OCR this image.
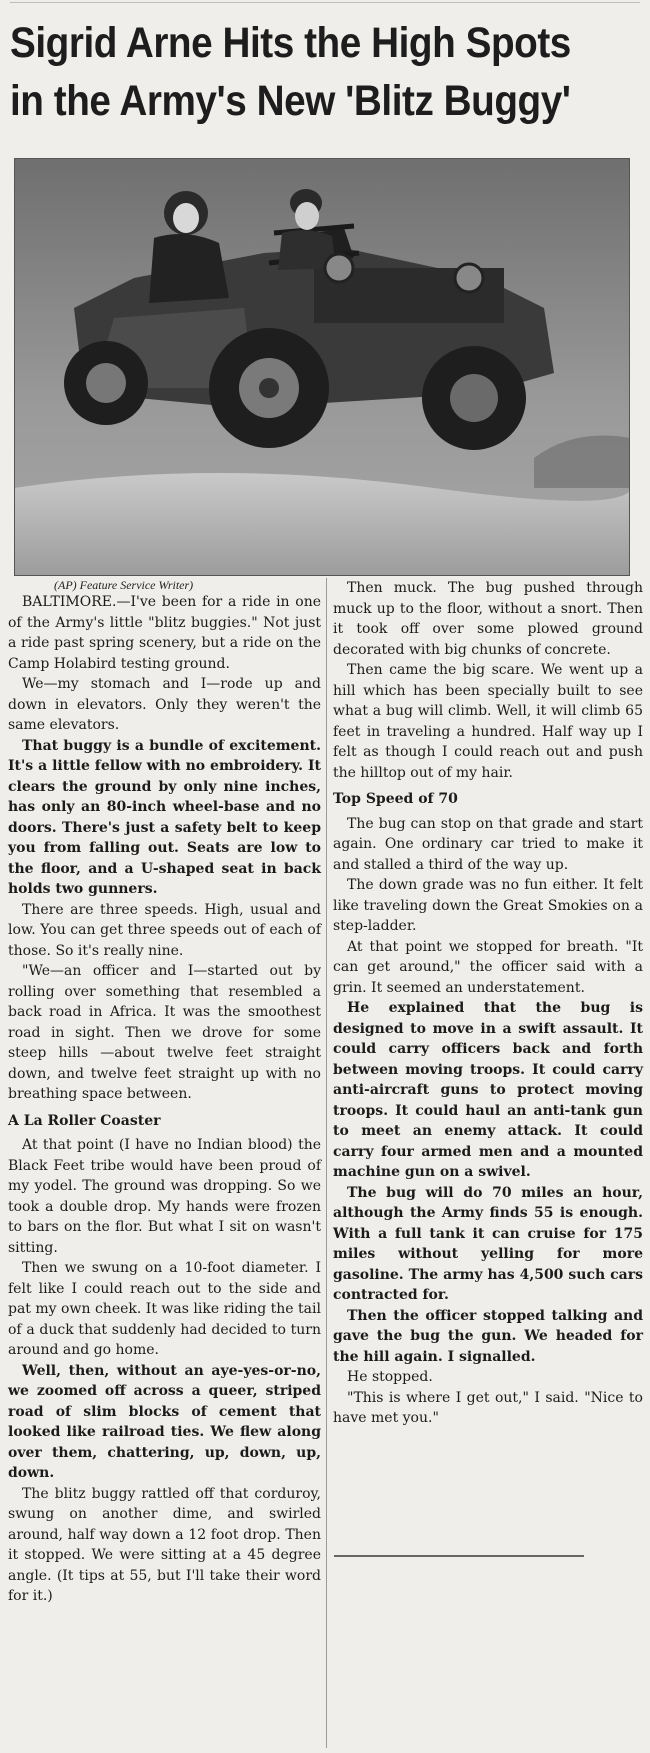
Sigrid Arne Hits the High Spots
in the Army's New 'Blitz Buggy'
(AP) Feature Service Writer)

BALTIMORE.—I've been for a ride in one of the Army's little "blitz buggies." Not just a ride past spring scenery, but a ride on the Camp Holabird testing ground.

We—my stomach and I—rode up and down in elevators. Only they weren't the same elevators.

That buggy is a bundle of excitement. It's a little fellow with no embroidery. It clears the ground by only nine inches, has only an 80-inch wheel-base and no doors. There's just a safety belt to keep you from falling out. Seats are low to the floor, and a U-shaped seat in back holds two gunners.

There are three speeds. High, usual and low. You can get three speeds out of each of those. So it's really nine.

"We—an officer and I—started out by rolling over something that resembled a back road in Africa. It was the smoothest road in sight. Then we drove for some steep hills —about twelve feet straight down, and twelve feet straight up with no breathing space between.

A La Roller Coaster

At that point (I have no Indian blood) the Black Feet tribe would have been proud of my yodel. The ground was dropping. So we took a double drop. My hands were frozen to bars on the flor. But what I sit on wasn't sitting.

Then we swung on a 10-foot diameter. I felt like I could reach out to the side and pat my own cheek. It was like riding the tail of a duck that suddenly had decided to turn around and go home.

Well, then, without an aye-yes-or-no, we zoomed off across a queer, striped road of slim blocks of cement that looked like railroad ties. We flew along over them, chattering, up, down, up, down.

The blitz buggy rattled off that corduroy, swung on another dime, and swirled around, half way down a 12 foot drop. Then it stopped. We were sitting at a 45 degree angle. (It tips at 55, but I'll take their word for it.)

Then muck. The bug pushed through muck up to the floor, without a snort. Then it took off over some plowed ground decorated with big chunks of concrete.

Then came the big scare. We went up a hill which has been specially built to see what a bug will climb. Well, it will climb 65 feet in traveling a hundred. Half way up I felt as though I could reach out and push the hilltop out of my hair.

Top Speed of 70

The bug can stop on that grade and start again. One ordinary car tried to make it and stalled a third of the way up.

The down grade was no fun either. It felt like traveling down the Great Smokies on a step-ladder.

At that point we stopped for breath. "It can get around," the officer said with a grin. It seemed an understatement.

He explained that the bug is designed to move in a swift assault. It could carry officers back and forth between moving troops. It could carry anti-aircraft guns to protect moving troops. It could haul an anti-tank gun to meet an enemy attack. It could carry four armed men and a mounted machine gun on a swivel.

The bug will do 70 miles an hour, although the Army finds 55 is enough. With a full tank it can cruise for 175 miles without yelling for more gasoline. The army has 4,500 such cars contracted for.

Then the officer stopped talking and gave the bug the gun. We headed for the hill again. I signalled.

He stopped.

"This is where I get out," I said. "Nice to have met you."
